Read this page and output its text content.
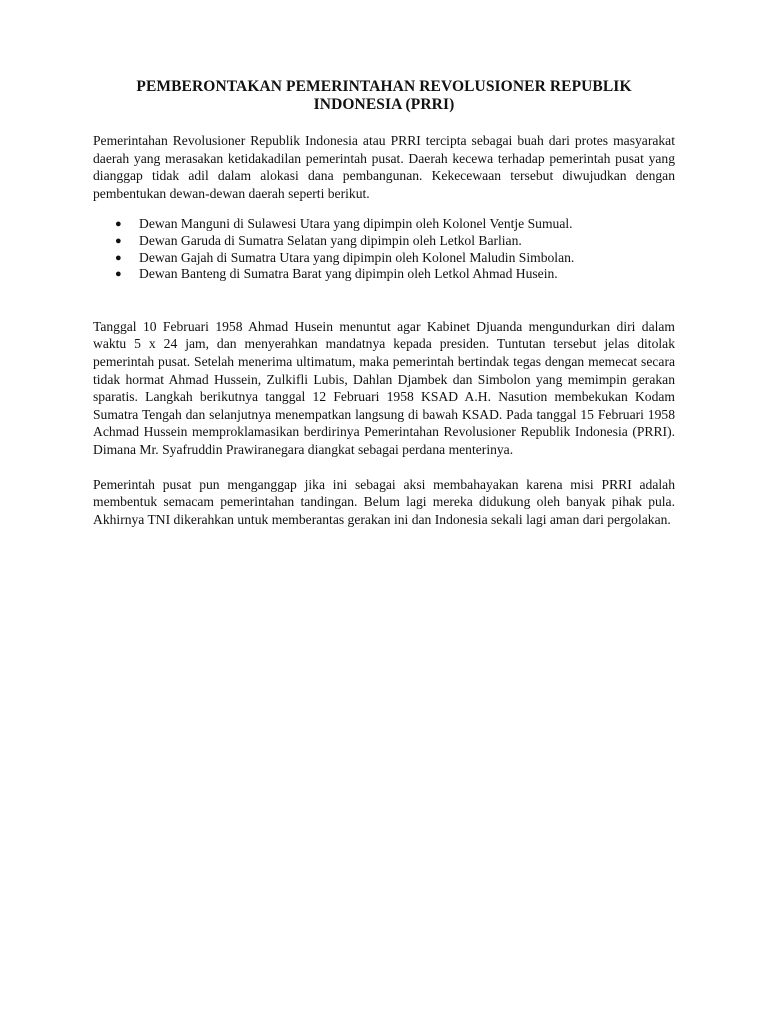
PEMBERONTAKAN PEMERINTAHAN REVOLUSIONER REPUBLIK INDONESIA (PRRI)

Pemerintahan Revolusioner Republik Indonesia atau PRRI tercipta sebagai buah dari protes masyarakat daerah yang merasakan ketidakadilan pemerintah pusat. Daerah kecewa terhadap pemerintah pusat yang dianggap tidak adil dalam alokasi dana pembangunan. Kekecewaan tersebut diwujudkan dengan pembentukan dewan-dewan daerah seperti berikut.

● Dewan Manguni di Sulawesi Utara yang dipimpin oleh Kolonel Ventje Sumual.
● Dewan Garuda di Sumatra Selatan yang dipimpin oleh Letkol Barlian.
● Dewan Gajah di Sumatra Utara yang dipimpin oleh Kolonel Maludin Simbolan.
● Dewan Banteng di Sumatra Barat yang dipimpin oleh Letkol Ahmad Husein.

Tanggal 10 Februari 1958 Ahmad Husein menuntut agar Kabinet Djuanda mengundurkan diri dalam waktu 5 x 24 jam, dan menyerahkan mandatnya kepada presiden. Tuntutan tersebut jelas ditolak pemerintah pusat. Setelah menerima ultimatum, maka pemerintah bertindak tegas dengan memecat secara tidak hormat Ahmad Hussein, Zulkifli Lubis, Dahlan Djambek dan Simbolon yang memimpin gerakan sparatis. Langkah berikutnya tanggal 12 Februari 1958 KSAD A.H. Nasution membekukan Kodam Sumatra Tengah dan selanjutnya menempatkan langsung di bawah KSAD. Pada tanggal 15 Februari 1958 Achmad Hussein memproklamasikan berdirinya Pemerintahan Revolusioner Republik Indonesia (PRRI). Dimana Mr. Syafruddin Prawiranegara diangkat sebagai perdana menterinya.

Pemerintah pusat pun menganggap jika ini sebagai aksi membahayakan karena misi PRRI adalah membentuk semacam pemerintahan tandingan. Belum lagi mereka didukung oleh banyak pihak pula. Akhirnya TNI dikerahkan untuk memberantas gerakan ini dan Indonesia sekali lagi aman dari pergolakan.
